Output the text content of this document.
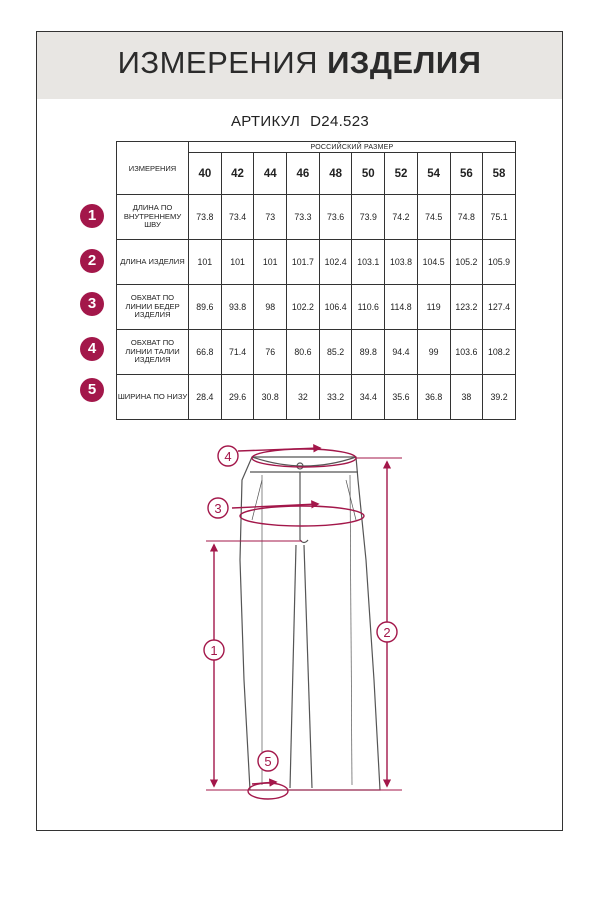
ИЗМЕРЕНИЯ ИЗДЕЛИЯ
АРТИКУЛ D24.523
1
2
3
4
5
ИЗМЕРЕНИЯ	РОССИЙСКИЙ РАЗМЕР									
	40	42	44	46	48	50	52	54	56	58
ДЛИНА ПО ВНУТРЕННЕМУ ШВУ	73.8	73.4	73	73.3	73.6	73.9	74.2	74.5	74.8	75.1
ДЛИНА ИЗДЕЛИЯ	101	101	101	101.7	102.4	103.1	103.8	104.5	105.2	105.9
ОБХВАТ ПО ЛИНИИ БЕДЕР ИЗДЕЛИЯ	89.6	93.8	98	102.2	106.4	110.6	114.8	119	123.2	127.4
ОБХВАТ ПО ЛИНИИ ТАЛИИ ИЗДЕЛИЯ	66.8	71.4	76	80.6	85.2	89.8	94.4	99	103.6	108.2
ШИРИНА ПО НИЗУ	28.4	29.6	30.8	32	33.2	34.4	35.6	36.8	38	39.2
4
3
1
2
5
